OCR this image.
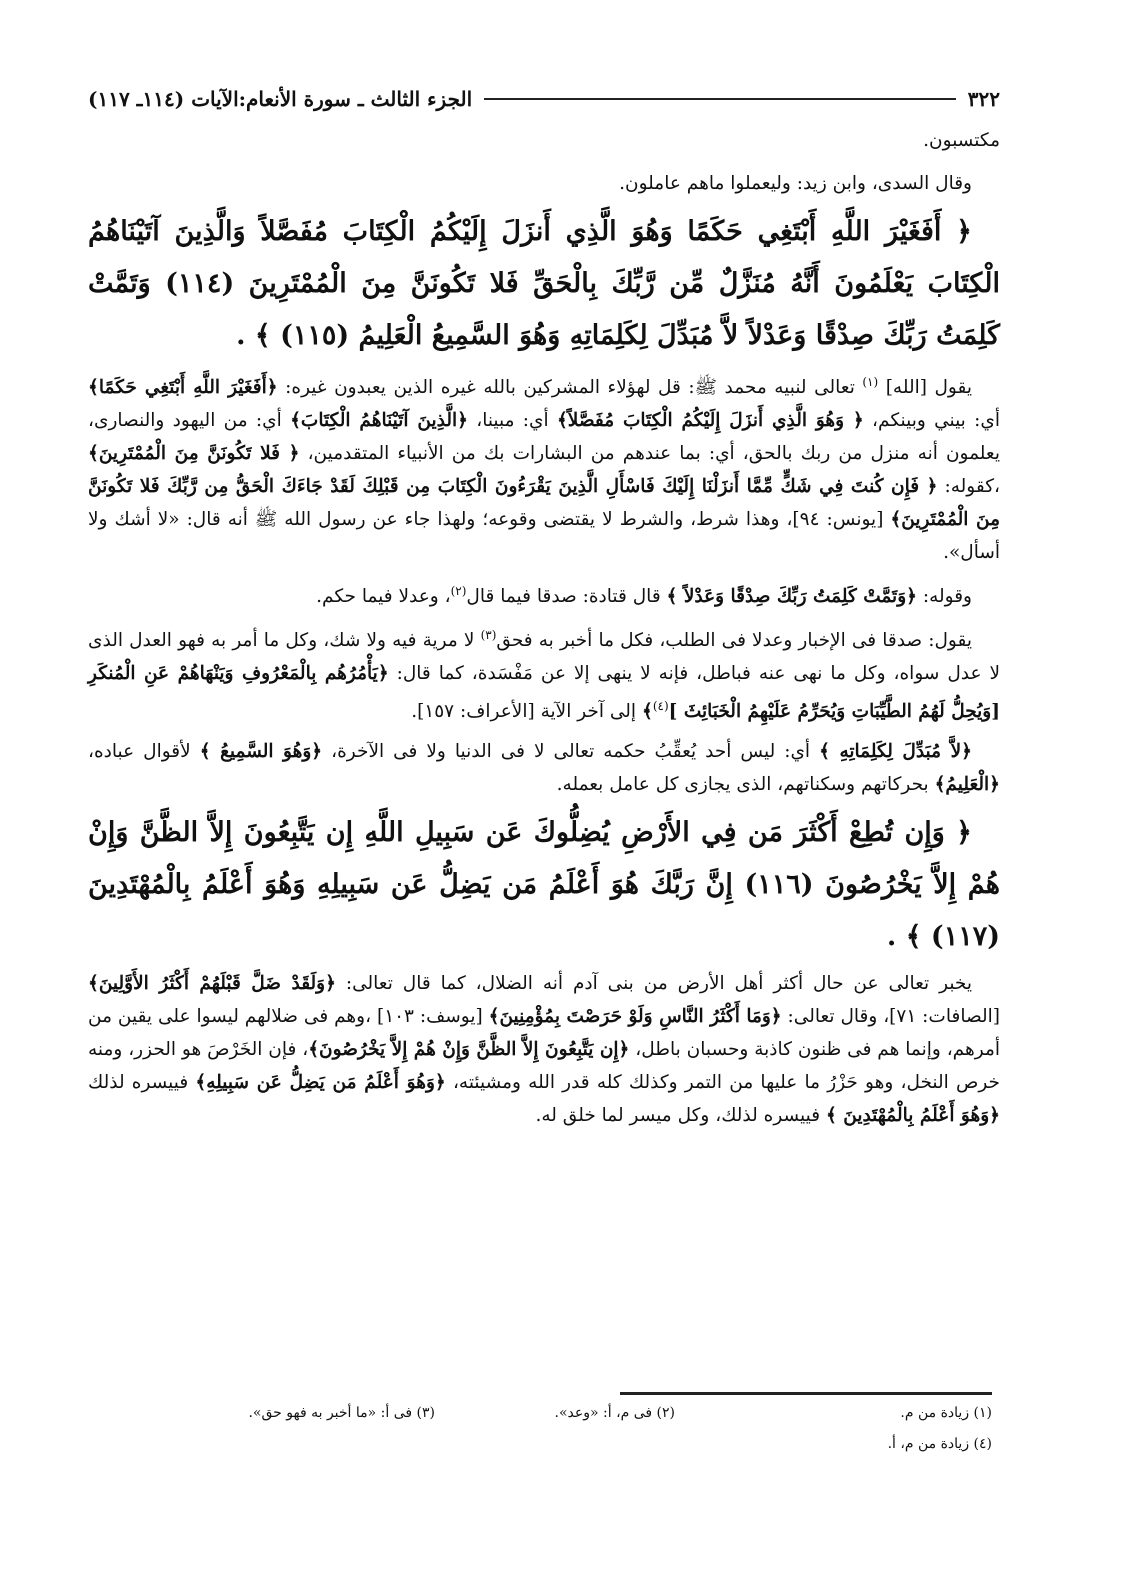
٣٢٢
الجزء الثالث ـ سورة الأنعام:الآيات (١١٤ـ ١١٧)

مكتسبون.

وقال السدى، وابن زيد: وليعملوا ماهم عاملون.

﴿ أَفَغَيْرَ اللَّهِ أَبْتَغِي حَكَمًا وَهُوَ الَّذِي أَنزَلَ إِلَيْكُمُ الْكِتَابَ مُفَصَّلاً وَالَّذِينَ آتَيْنَاهُمُ الْكِتَابَ يَعْلَمُونَ أَنَّهُ مُنَزَّلٌ مِّن رَّبِّكَ بِالْحَقِّ فَلا تَكُونَنَّ مِنَ الْمُمْتَرِينَ (١١٤) وَتَمَّتْ كَلِمَتُ رَبِّكَ صِدْقًا وَعَدْلاً لاَّ مُبَدِّلَ لِكَلِمَاتِهِ وَهُوَ السَّمِيعُ الْعَلِيمُ (١١٥) ﴾ .

يقول [الله] $^{(١)}$ تعالى لنبيه محمد ﷺ: قل لهؤلاء المشركين بالله غيره الذين يعبدون غيره: ﴿أَفَغَيْرَ اللَّهِ أَبْتَغِي حَكَمًا﴾ أي: بيني وبينكم، ﴿ وَهُوَ الَّذِي أَنزَلَ إِلَيْكُمُ الْكِتَابَ مُفَصَّلاً﴾ أي: مبينا، ﴿الَّذِينَ آتَيْنَاهُمُ الْكِتَابَ﴾ أي: من اليهود والنصارى، يعلمون أنه منزل من ربك بالحق، أي: بما عندهم من البشارات بك من الأنبياء المتقدمين، ﴿ فَلا تَكُونَنَّ مِنَ الْمُمْتَرِينَ﴾ ،كقوله: ﴿ فَإِن كُنتَ فِي شَكٍّ مِّمَّا أَنزَلْنَا إِلَيْكَ فَاسْأَلِ الَّذِينَ يَقْرَءُونَ الْكِتَابَ مِن قَبْلِكَ لَقَدْ جَاءَكَ الْحَقُّ مِن رَّبِّكَ فَلا تَكُونَنَّ مِنَ الْمُمْتَرِينَ﴾ [يونس: ٩٤]، وهذا شرط، والشرط لا يقتضى وقوعه؛ ولهذا جاء عن رسول الله ﷺ أنه قال: «لا أشك ولا أسأل».

وقوله: ﴿وَتَمَّتْ كَلِمَتُ رَبِّكَ صِدْقًا وَعَدْلاً ﴾ قال قتادة: صدقا فيما قال$^{(٢)}$، وعدلا فيما حكم.

يقول: صدقا فى الإخبار وعدلا فى الطلب، فكل ما أخبر به فحق$^{(٣)}$ لا مرية فيه ولا شك، وكل ما أمر به فهو العدل الذى لا عدل سواه، وكل ما نهى عنه فباطل، فإنه لا ينهى إلا عن مَفْسَدة، كما قال: ﴿يَأْمُرُهُم بِالْمَعْرُوفِ وَيَنْهَاهُمْ عَنِ الْمُنكَرِ [وَيُحِلُّ لَهُمُ الطَّيِّبَاتِ وَيُحَرِّمُ عَلَيْهِمُ الْخَبَائِثَ ]$^{(٤)}$﴾ إلى آخر الآية [الأعراف: ١٥٧].

﴿لاَّ مُبَدِّلَ لِكَلِمَاتِهِ ﴾ أي: ليس أحد يُعقِّبُ حكمه تعالى لا فى الدنيا ولا فى الآخرة، ﴿وَهُوَ السَّمِيعُ ﴾ لأقوال عباده، ﴿الْعَلِيمُ﴾ بحركاتهم وسكناتهم، الذى يجازى كل عامل بعمله.

﴿ وَإِن تُطِعْ أَكْثَرَ مَن فِي الأَرْضِ يُضِلُّوكَ عَن سَبِيلِ اللَّهِ إِن يَتَّبِعُونَ إِلاَّ الظَّنَّ وَإِنْ هُمْ إِلاَّ يَخْرُصُونَ (١١٦) إِنَّ رَبَّكَ هُوَ أَعْلَمُ مَن يَضِلُّ عَن سَبِيلِهِ وَهُوَ أَعْلَمُ بِالْمُهْتَدِينَ (١١٧) ﴾ .

يخبر تعالى عن حال أكثر أهل الأرض من بنى آدم أنه الضلال، كما قال تعالى: ﴿وَلَقَدْ ضَلَّ قَبْلَهُمْ أَكْثَرُ الأَوَّلِينَ﴾ [الصافات: ٧١]، وقال تعالى: ﴿وَمَا أَكْثَرُ النَّاسِ وَلَوْ حَرَصْتَ بِمُؤْمِنِينَ﴾ [يوسف: ١٠٣] ،وهم فى ضلالهم ليسوا على يقين من أمرهم، وإنما هم فى ظنون كاذبة وحسبان باطل، ﴿إِن يَتَّبِعُونَ إِلاَّ الظَّنَّ وَإِنْ هُمْ إِلاَّ يَخْرُصُونَ﴾، فإن الخَرْصَ هو الحزر، ومنه خرص النخل، وهو حَزْرُ ما عليها من التمر وكذلك كله قدر الله ومشيئته، ﴿وَهُوَ أَعْلَمُ مَن يَضِلُّ عَن سَبِيلِهِ﴾ فييسره لذلك ﴿وَهُوَ أَعْلَمُ بِالْمُهْتَدِينَ ﴾ فييسره لذلك، وكل ميسر لما خلق له.

(١) زيادة من م.
(٢) فى م، أ: «وعد».
(٣) فى أ: «ما أخبر به فهو حق».
(٤) زيادة من م، أ.
